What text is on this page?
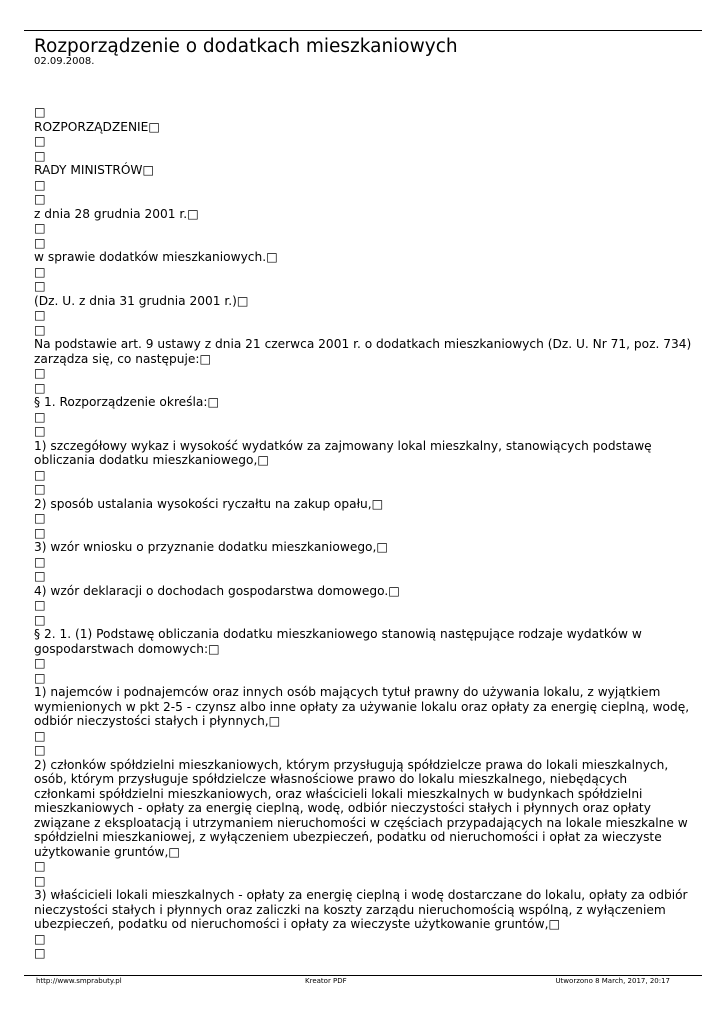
Rozporządzenie o dodatkach mieszkaniowych
02.09.2008.

□

ROZPORZĄDZENIE□

□

□

RADY MINISTRÓW□

□

□

z dnia 28 grudnia 2001 r.□

□

□

w sprawie dodatków mieszkaniowych.□

□

□

(Dz. U. z dnia 31 grudnia 2001 r.)□

□

□

Na podstawie art. 9 ustawy z dnia 21 czerwca 2001 r. o dodatkach mieszkaniowych (Dz. U. Nr 71, poz. 734) zarządza się, co następuje:□

□

□

§ 1. Rozporządzenie określa:□

□

□

1) szczegółowy wykaz i wysokość wydatków za zajmowany lokal mieszkalny, stanowiących podstawę obliczania dodatku mieszkaniowego,□

□

□

2) sposób ustalania wysokości ryczałtu na zakup opału,□

□

□

3) wzór wniosku o przyznanie dodatku mieszkaniowego,□

□

□

4) wzór deklaracji o dochodach gospodarstwa domowego.□

□

□

§ 2. 1. (1) Podstawę obliczania dodatku mieszkaniowego stanowią następujące rodzaje wydatków w gospodarstwach domowych:□

□

□

1) najemców i podnajemców oraz innych osób mających tytuł prawny do używania lokalu, z wyjątkiem wymienionych w pkt 2-5 - czynsz albo inne opłaty za używanie lokalu oraz opłaty za energię cieplną, wodę, odbiór nieczystości stałych i płynnych,□

□

□

2) członków spółdzielni mieszkaniowych, którym przysługują spółdzielcze prawa do lokali mieszkalnych, osób, którym przysługuje spółdzielcze własnościowe prawo do lokalu mieszkalnego, niebędących członkami spółdzielni mieszkaniowych, oraz właścicieli lokali mieszkalnych w budynkach spółdzielni mieszkaniowych - opłaty za energię cieplną, wodę, odbiór nieczystości stałych i płynnych oraz opłaty związane z eksploatacją i utrzymaniem nieruchomości w częściach przypadających na lokale mieszkalne w spółdzielni mieszkaniowej, z wyłączeniem ubezpieczeń, podatku od nieruchomości i opłat za wieczyste użytkowanie gruntów,□

□

□

3) właścicieli lokali mieszkalnych - opłaty za energię cieplną i wodę dostarczane do lokalu, opłaty za odbiór nieczystości stałych i płynnych oraz zaliczki na koszty zarządu nieruchomością wspólną, z wyłączeniem ubezpieczeń, podatku od nieruchomości i opłaty za wieczyste użytkowanie gruntów,□

□

□

http://www.smprabuty.pl	Kreator PDF	Utworzono 8 March, 2017, 20:17
